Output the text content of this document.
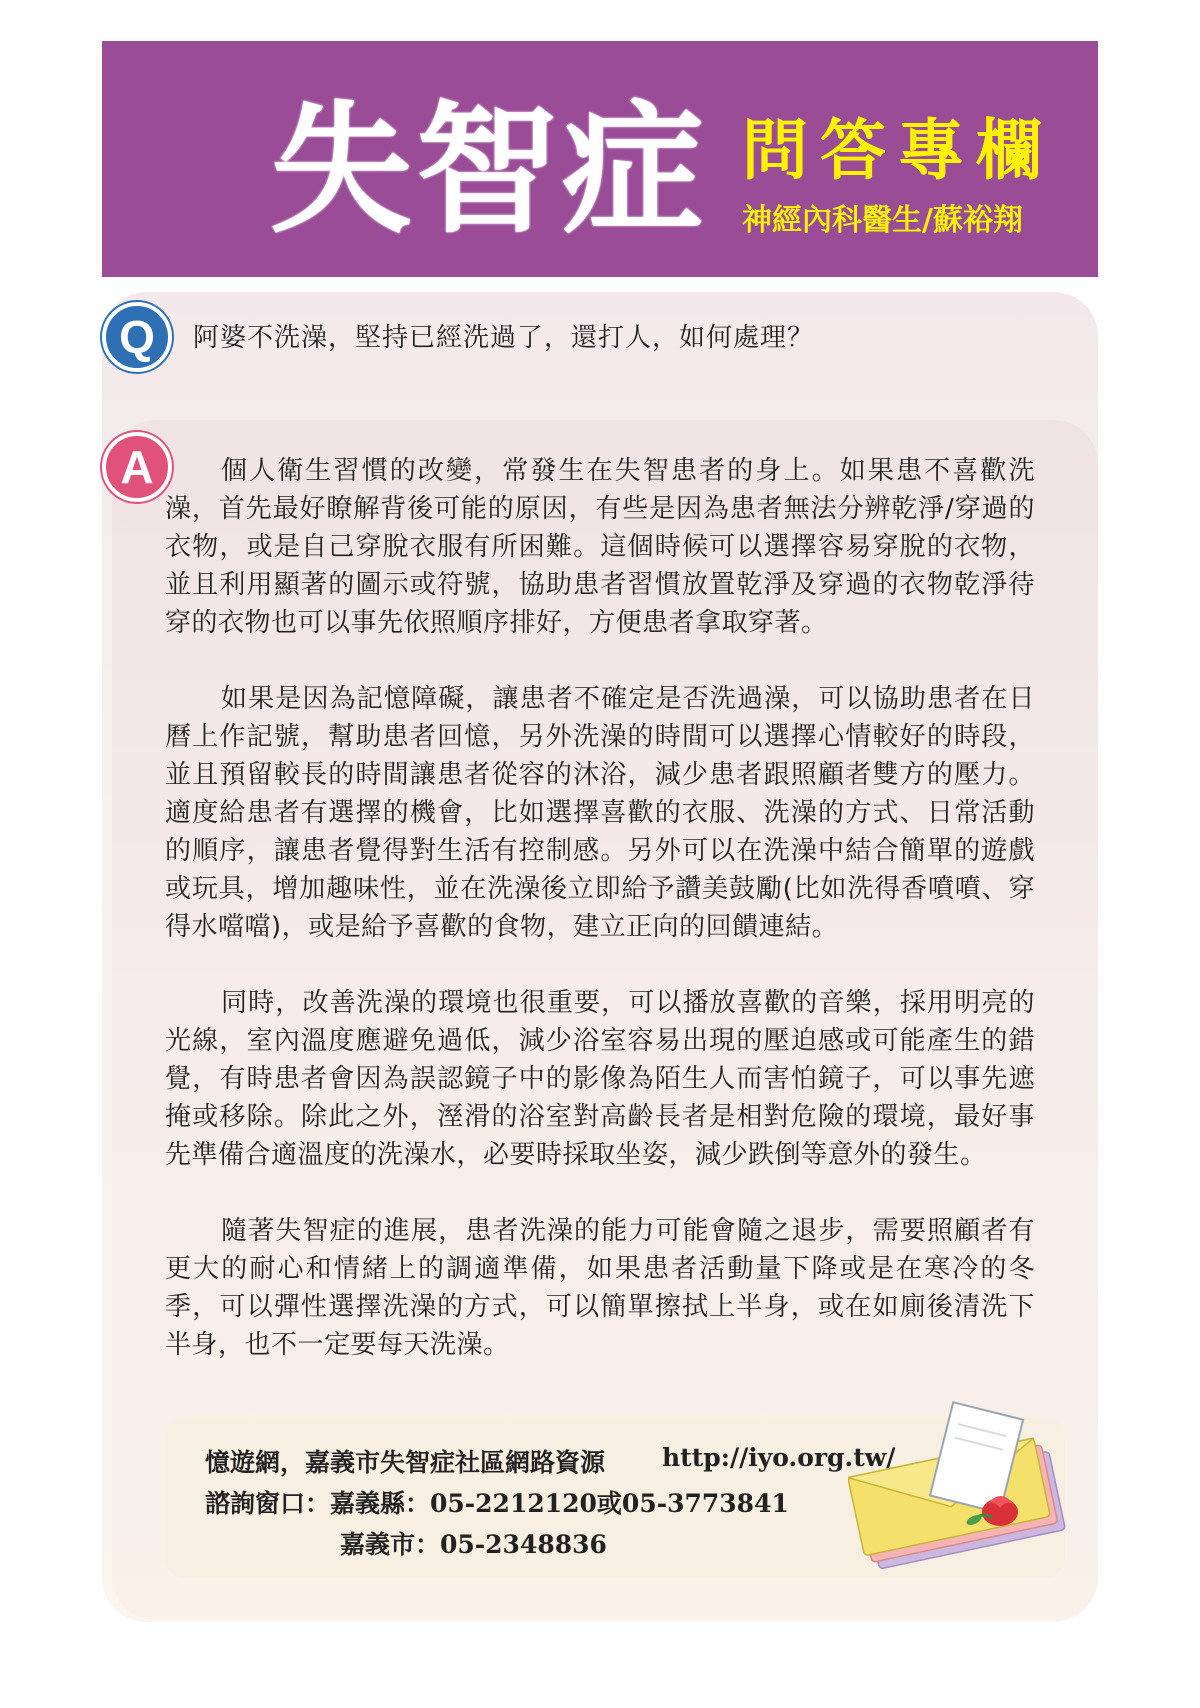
失智症 問答專欄
神經內科醫生/蘇裕翔
Q	阿婆不洗澡，堅持已經洗過了，還打人，如何處理？
A	個人衛生習慣的改變，常發生在失智患者的身上。如果患不喜歡洗澡，首先最好瞭解背後可能的原因，有些是因為患者無法分辨乾淨/穿過的衣物，或是自己穿脫衣服有所困難。這個時候可以選擇容易穿脫的衣物，並且利用顯著的圖示或符號，協助患者習慣放置乾淨及穿過的衣物乾淨待穿的衣物也可以事先依照順序排好，方便患者拿取穿著。

如果是因為記憶障礙，讓患者不確定是否洗過澡，可以協助患者在日曆上作記號，幫助患者回憶，另外洗澡的時間可以選擇心情較好的時段，並且預留較長的時間讓患者從容的沐浴，減少患者跟照顧者雙方的壓力。適度給患者有選擇的機會，比如選擇喜歡的衣服、洗澡的方式、日常活動的順序，讓患者覺得對生活有控制感。另外可以在洗澡中結合簡單的遊戲或玩具，增加趣味性，並在洗澡後立即給予讚美鼓勵(比如洗得香噴噴、穿得水噹噹)，或是給予喜歡的食物，建立正向的回饋連結。

同時，改善洗澡的環境也很重要，可以播放喜歡的音樂，採用明亮的光線，室內溫度應避免過低，減少浴室容易出現的壓迫感或可能產生的錯覺，有時患者會因為誤認鏡子中的影像為陌生人而害怕鏡子，可以事先遮掩或移除。除此之外，溼滑的浴室對高齡長者是相對危險的環境，最好事先準備合適溫度的洗澡水，必要時採取坐姿，減少跌倒等意外的發生。

隨著失智症的進展，患者洗澡的能力可能會隨之退步，需要照顧者有更大的耐心和情緒上的調適準備，如果患者活動量下降或是在寒冷的冬季，可以彈性選擇洗澡的方式，可以簡單擦拭上半身，或在如廁後清洗下半身，也不一定要每天洗澡。

憶遊網，嘉義市失智症社區網路資源 http://iyo.org.tw/
諮詢窗口：嘉義縣：05-2212120或05-3773841
嘉義市：05-2348836
